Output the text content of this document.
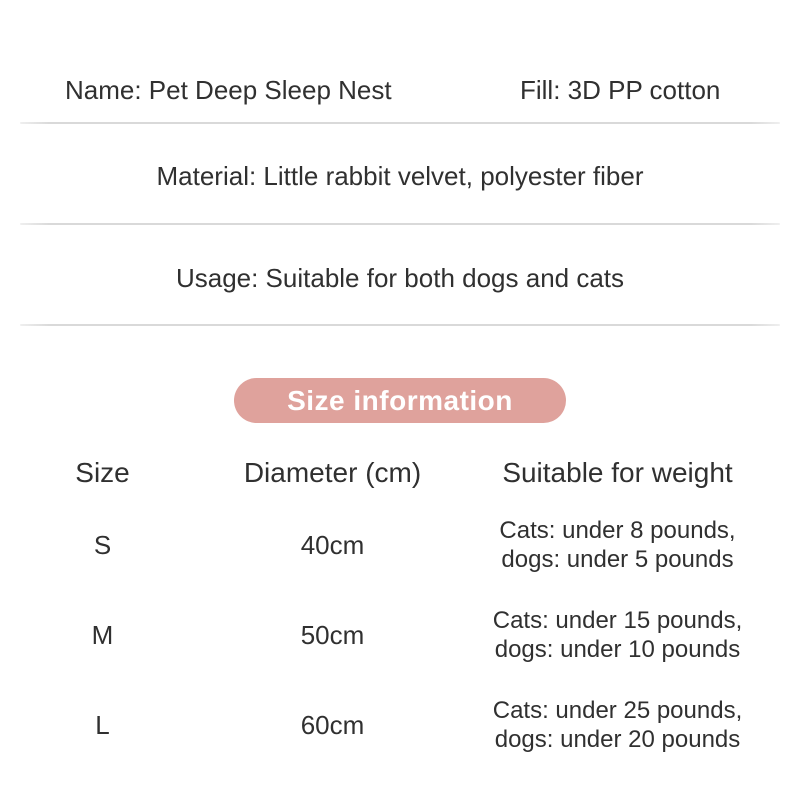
Name: Pet Deep Sleep Nest	Fill: 3D PP cotton
Material: Little rabbit velvet, polyester fiber
Usage: Suitable for both dogs and cats
Size information
Size	Diameter (cm)	Suitable for weight
S	40cm	Cats: under 8 pounds,
dogs: under 5 pounds
M	50cm	Cats: under 15 pounds,
dogs: under 10 pounds
L	60cm	Cats: under 25 pounds,
dogs: under 20 pounds
